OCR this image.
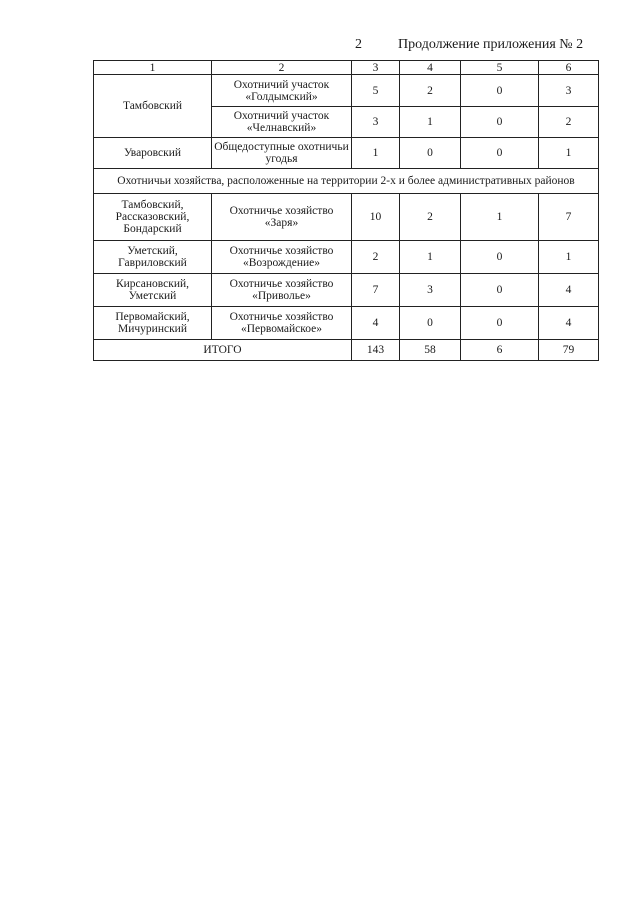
2	Продолжение приложения № 2
1	2	3	4	5	6
Тамбовский	Охотничий участок «Голдымский»	5	2	0	3
	Охотничий участок «Челнавский»	3	1	0	2
Уваровский	Общедоступные охотничьи угодья	1	0	0	1
Охотничьи хозяйства, расположенные на территории 2-х и более административных районов					
Тамбовский, Рассказовский, Бондарский	Охотничье хозяйство «Заря»	10	2	1	7
Уметский, Гавриловский	Охотничье хозяйство «Возрождение»	2	1	0	1
Кирсановский, Уметский	Охотничье хозяйство «Приволье»	7	3	0	4
Первомайский, Мичуринский	Охотничье хозяйство «Первомайское»	4	0	0	4
ИТОГО		143	58	6	79
